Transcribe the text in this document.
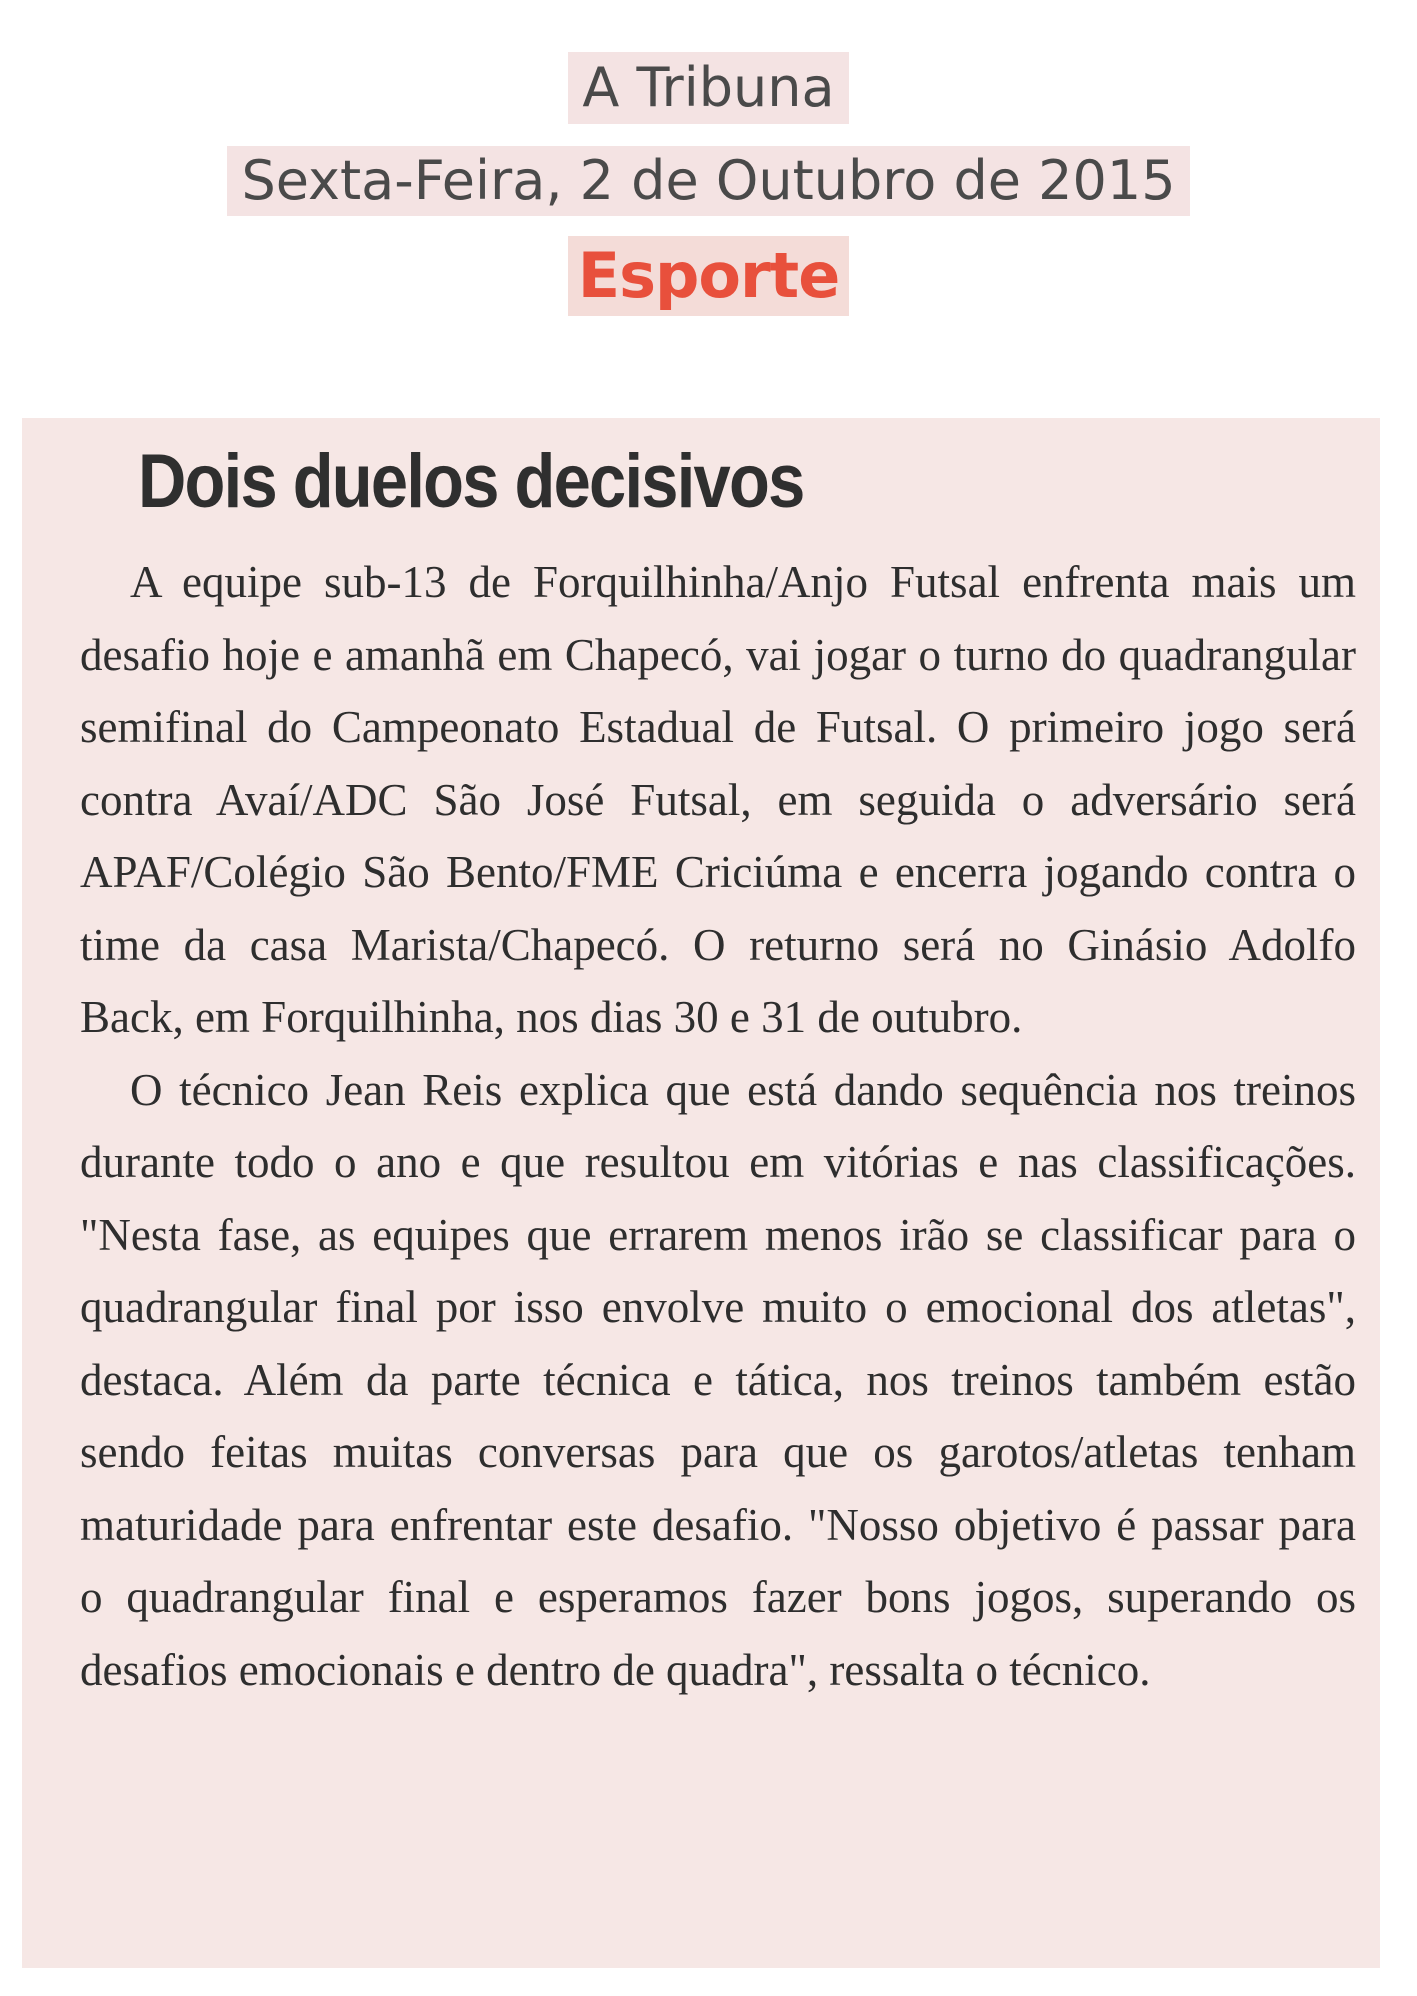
A Tribuna
Sexta-Feira, 2 de Outubro de 2015
Esporte
Dois duelos decisivos

A equipe sub-13 de Forquilhinha/Anjo Futsal enfrenta mais um desafio hoje e amanhã em Chapecó, vai jogar o turno do quadrangular semifinal do Campeonato Estadual de Futsal. O primeiro jogo será contra Avaí/ADC São José Futsal, em seguida o adversário será APAF/Colégio São Bento/FME Criciúma e encerra jogando contra o time da casa Marista/Chapecó. O returno será no Ginásio Adolfo Back, em Forquilhinha, nos dias 30 e 31 de outubro.

O técnico Jean Reis explica que está dando sequência nos treinos durante todo o ano e que resultou em vitórias e nas classificações. "Nesta fase, as equipes que errarem menos irão se classificar para o quadrangular final por isso envolve muito o emocional dos atletas", destaca. Além da parte técnica e tática, nos treinos também estão sendo feitas muitas conversas para que os garotos/atletas tenham maturidade para enfrentar este desafio. "Nosso objetivo é passar para o quadrangular final e esperamos fazer bons jogos, superando os desafios emocionais e dentro de quadra", ressalta o técnico.
